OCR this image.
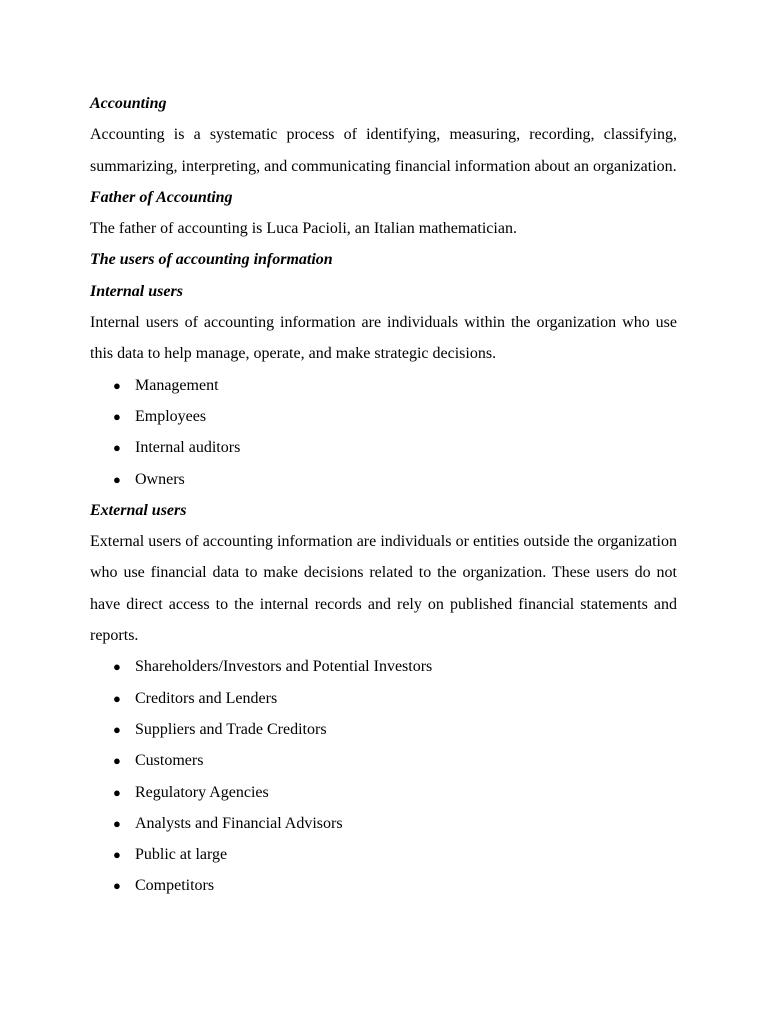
Accounting

Accounting is a systematic process of identifying, measuring, recording, classifying, summarizing, interpreting, and communicating financial information about an organization.

Father of Accounting

The father of accounting is Luca Pacioli, an Italian mathematician.

The users of accounting information
Internal users

Internal users of accounting information are individuals within the organization who use this data to help manage, operate, and make strategic decisions.

● Management
● Employees
● Internal auditors
● Owners
External users

External users of accounting information are individuals or entities outside the organization who use financial data to make decisions related to the organization. These users do not have direct access to the internal records and rely on published financial statements and reports.

● Shareholders/Investors and Potential Investors
● Creditors and Lenders
● Suppliers and Trade Creditors
● Customers
● Regulatory Agencies
● Analysts and Financial Advisors
● Public at large
● Competitors
